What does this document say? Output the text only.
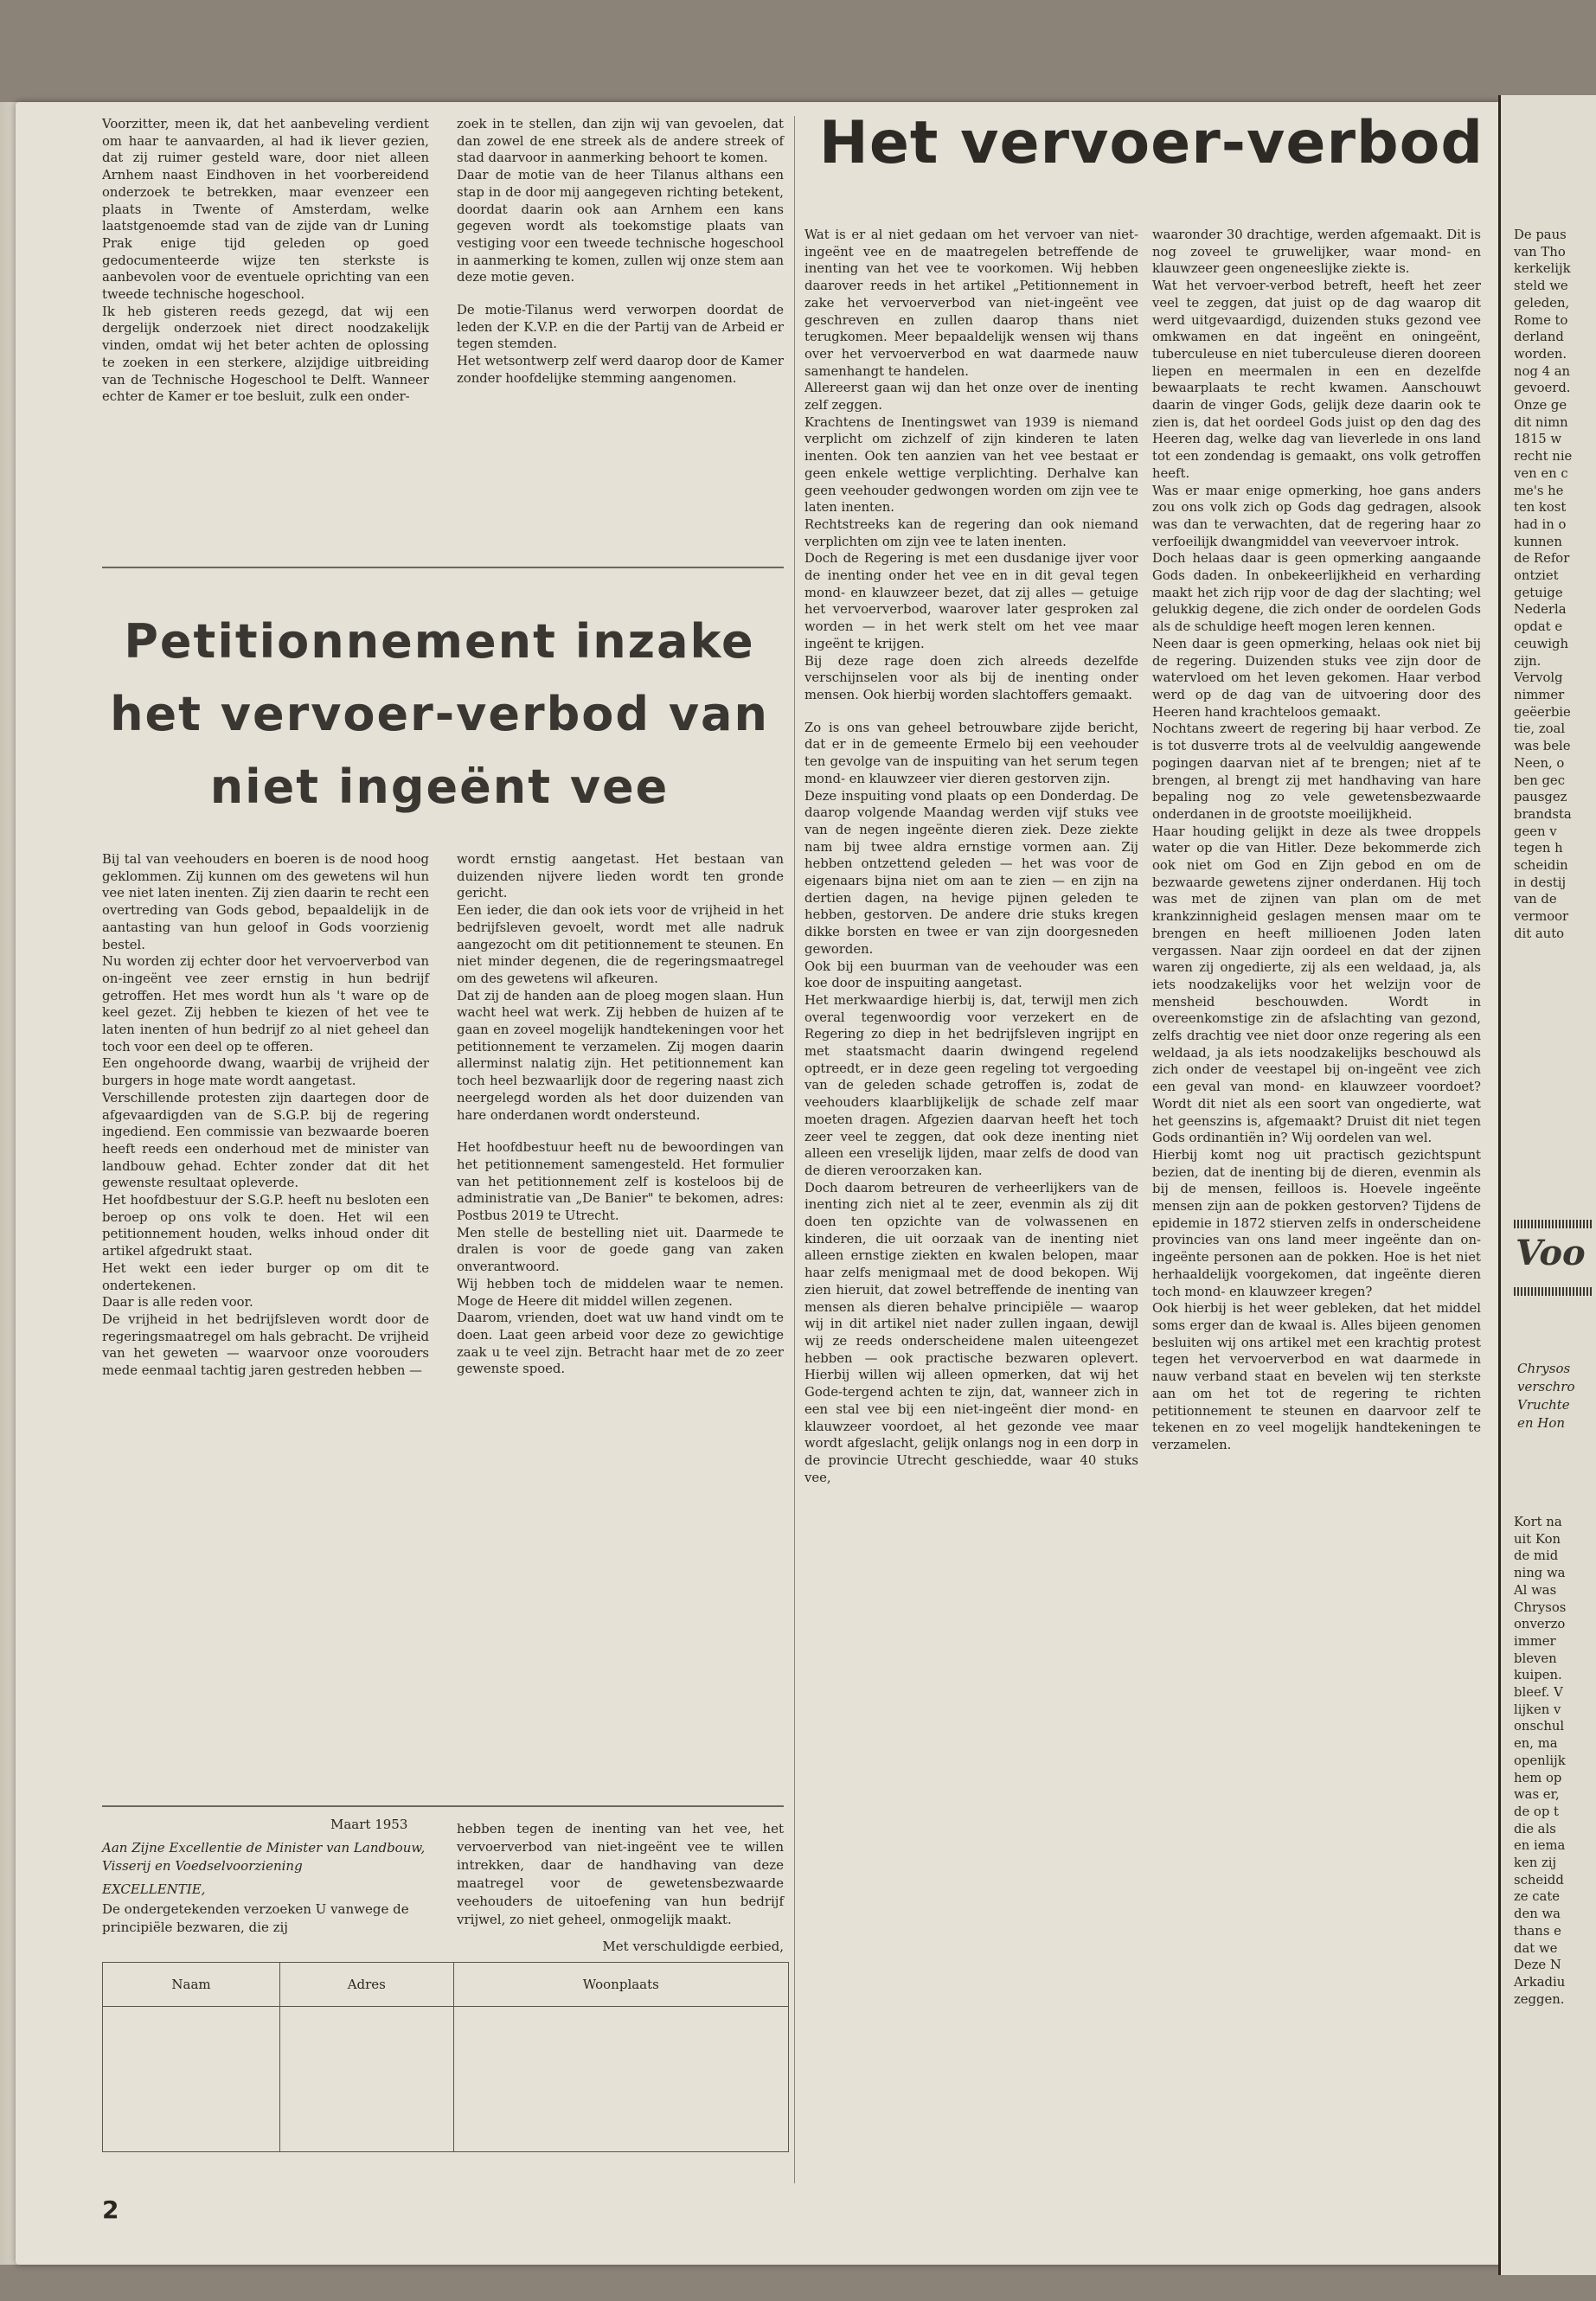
Voorzitter, meen ik, dat het aanbeveling verdient om haar te aanvaarden, al had ik liever gezien, dat zij ruimer gesteld ware, door niet alleen Arnhem naast Eindhoven in het voorbereidend onderzoek te betrekken, maar evenzeer een plaats in Twente of Amsterdam, welke laatstgenoemde stad van de zijde van dr Luning Prak enige tijd geleden op goed gedocumenteerde wijze ten sterkste is aanbevolen voor de eventuele oprichting van een tweede technische hogeschool.

Ik heb gisteren reeds gezegd, dat wij een dergelijk onderzoek niet direct noodzakelijk vinden, omdat wij het beter achten de oplossing te zoeken in een sterkere, alzijdige uitbreiding van de Technische Hogeschool te Delft. Wanneer echter de Kamer er toe besluit, zulk een onder-

zoek in te stellen, dan zijn wij van gevoelen, dat dan zowel de ene streek als de andere streek of stad daarvoor in aanmerking behoort te komen.

Daar de motie van de heer Tilanus althans een stap in de door mij aangegeven richting betekent, doordat daarin ook aan Arnhem een kans gegeven wordt als toekomstige plaats van vestiging voor een tweede technische hogeschool in aanmerking te komen, zullen wij onze stem aan deze motie geven.

De motie-Tilanus werd verworpen doordat de leden der K.V.P. en die der Partij van de Arbeid er tegen stemden.

Het wetsontwerp zelf werd daarop door de Kamer zonder hoofdelijke stemming aangenomen.

Petitionnement inzake
het vervoer-verbod van
niet ingeënt vee

Bij tal van veehouders en boeren is de nood hoog geklommen. Zij kunnen om des gewetens wil hun vee niet laten inenten. Zij zien daarin te recht een overtreding van Gods gebod, bepaaldelijk in de aantasting van hun geloof in Gods voorzienig bestel.

Nu worden zij echter door het vervoerverbod van on-ingeënt vee zeer ernstig in hun bedrijf getroffen. Het mes wordt hun als 't ware op de keel gezet. Zij hebben te kiezen of het vee te laten inenten of hun bedrijf zo al niet geheel dan toch voor een deel op te offeren.

Een ongehoorde dwang, waarbij de vrijheid der burgers in hoge mate wordt aangetast.

Verschillende protesten zijn daartegen door de afgevaardigden van de S.G.P. bij de regering ingediend. Een commissie van bezwaarde boeren heeft reeds een onderhoud met de minister van landbouw gehad. Echter zonder dat dit het gewenste resultaat opleverde.

Het hoofdbestuur der S.G.P. heeft nu besloten een beroep op ons volk te doen. Het wil een petitionnement houden, welks inhoud onder dit artikel afgedrukt staat.

Het wekt een ieder burger op om dit te ondertekenen.

Daar is alle reden voor.

De vrijheid in het bedrijfsleven wordt door de regeringsmaatregel om hals gebracht. De vrijheid van het geweten — waarvoor onze voorouders mede eenmaal tachtig jaren gestreden hebben —

wordt ernstig aangetast. Het bestaan van duizenden nijvere lieden wordt ten gronde gericht.

Een ieder, die dan ook iets voor de vrijheid in het bedrijfsleven gevoelt, wordt met alle nadruk aangezocht om dit petitionnement te steunen. En niet minder degenen, die de regeringsmaatregel om des gewetens wil afkeuren.

Dat zij de handen aan de ploeg mogen slaan. Hun wacht heel wat werk. Zij hebben de huizen af te gaan en zoveel mogelijk handtekeningen voor het petitionnement te verzamelen. Zij mogen daarin allerminst nalatig zijn. Het petitionnement kan toch heel bezwaarlijk door de regering naast zich neergelegd worden als het door duizenden van hare onderdanen wordt ondersteund.

Het hoofdbestuur heeft nu de bewoordingen van het petitionnement samengesteld. Het formulier van het petitionnement zelf is kosteloos bij de administratie van „De Banier" te bekomen, adres: Postbus 2019 te Utrecht.

Men stelle de bestelling niet uit. Daarmede te dralen is voor de goede gang van zaken onverantwoord.

Wij hebben toch de middelen waar te nemen. Moge de Heere dit middel willen zegenen.

Daarom, vrienden, doet wat uw hand vindt om te doen. Laat geen arbeid voor deze zo gewichtige zaak u te veel zijn. Betracht haar met de zo zeer gewenste spoed.

Maart 1953
Aan Zijne Excellentie de Minister van Landbouw, Visserij en Voedselvoorziening
EXCELLENTIE,
De ondergetekenden verzoeken U vanwege de principiële bezwaren, die zij

hebben tegen de inenting van het vee, het vervoerverbod van niet-ingeënt vee te willen intrekken, daar de handhaving van deze maatregel voor de gewetensbezwaarde veehouders de uitoefening van hun bedrijf vrijwel, zo niet geheel, onmogelijk maakt.

Met verschuldigde eerbied,

Naam	Adres	Woonplaats

2
Het vervoer-verbod

Wat is er al niet gedaan om het vervoer van niet-ingeënt vee en de maatregelen betreffende de inenting van het vee te voorkomen. Wij hebben daarover reeds in het artikel „Petitionnement in zake het vervoerverbod van niet-ingeënt vee geschreven en zullen daarop thans niet terugkomen. Meer bepaaldelijk wensen wij thans over het vervoerverbod en wat daarmede nauw samenhangt te handelen.

Allereerst gaan wij dan het onze over de inenting zelf zeggen.

Krachtens de Inentingswet van 1939 is niemand verplicht om zichzelf of zijn kinderen te laten inenten. Ook ten aanzien van het vee bestaat er geen enkele wettige verplichting. Derhalve kan geen veehouder gedwongen worden om zijn vee te laten inenten.

Rechtstreeks kan de regering dan ook niemand verplichten om zijn vee te laten inenten.

Doch de Regering is met een dusdanige ijver voor de inenting onder het vee en in dit geval tegen mond- en klauwzeer bezet, dat zij alles — getuige het vervoerverbod, waarover later gesproken zal worden — in het werk stelt om het vee maar ingeënt te krijgen.

Bij deze rage doen zich alreeds dezelfde verschijnselen voor als bij de inenting onder mensen. Ook hierbij worden slachtoffers gemaakt.

Zo is ons van geheel betrouwbare zijde bericht, dat er in de gemeente Ermelo bij een veehouder ten gevolge van de inspuiting van het serum tegen mond- en klauwzeer vier dieren gestorven zijn.

Deze inspuiting vond plaats op een Donderdag. De daarop volgende Maandag werden vijf stuks vee van de negen ingeënte dieren ziek. Deze ziekte nam bij twee aldra ernstige vormen aan. Zij hebben ontzettend geleden — het was voor de eigenaars bijna niet om aan te zien — en zijn na dertien dagen, na hevige pijnen geleden te hebben, gestorven. De andere drie stuks kregen dikke borsten en twee er van zijn doorgesneden geworden.

Ook bij een buurman van de veehouder was een koe door de inspuiting aangetast.

Het merkwaardige hierbij is, dat, terwijl men zich overal tegenwoordig voor verzekert en de Regering zo diep in het bedrijfsleven ingrijpt en met staatsmacht daarin dwingend regelend optreedt, er in deze geen regeling tot vergoeding van de geleden schade getroffen is, zodat de veehouders klaarblijkelijk de schade zelf maar moeten dragen. Afgezien daarvan heeft het toch zeer veel te zeggen, dat ook deze inenting niet alleen een vreselijk lijden, maar zelfs de dood van de dieren veroorzaken kan.

Doch daarom betreuren de verheerlijkers van de inenting zich niet al te zeer, evenmin als zij dit doen ten opzichte van de volwassenen en kinderen, die uit oorzaak van de inenting niet alleen ernstige ziekten en kwalen belopen, maar haar zelfs menigmaal met de dood bekopen. Wij zien hieruit, dat zowel betreffende de inenting van mensen als dieren behalve principiële — waarop wij in dit artikel niet nader zullen ingaan, dewijl wij ze reeds onderscheidene malen uiteengezet hebben — ook practische bezwaren oplevert. Hierbij willen wij alleen opmerken, dat wij het Gode-tergend achten te zijn, dat, wanneer zich in een stal vee bij een niet-ingeënt dier mond- en klauwzeer voordoet, al het gezonde vee maar wordt afgeslacht, gelijk onlangs nog in een dorp in de provincie Utrecht geschiedde, waar 40 stuks vee,

waaronder 30 drachtige, werden afgemaakt. Dit is nog zoveel te gruwelijker, waar mond- en klauwzeer geen ongeneeslijke ziekte is.

Wat het vervoer-verbod betreft, heeft het zeer veel te zeggen, dat juist op de dag waarop dit werd uitgevaardigd, duizenden stuks gezond vee omkwamen en dat ingeënt en oningeënt, tuberculeuse en niet tuberculeuse dieren dooreen liepen en meermalen in een en dezelfde bewaarplaats te recht kwamen. Aanschouwt daarin de vinger Gods, gelijk deze daarin ook te zien is, dat het oordeel Gods juist op den dag des Heeren dag, welke dag van lieverlede in ons land tot een zondendag is gemaakt, ons volk getroffen heeft.

Was er maar enige opmerking, hoe gans anders zou ons volk zich op Gods dag gedragen, alsook was dan te verwachten, dat de regering haar zo verfoeilijk dwangmiddel van veevervoer introk.

Doch helaas daar is geen opmerking aangaande Gods daden. In onbekeerlijkheid en verharding maakt het zich rijp voor de dag der slachting; wel gelukkig degene, die zich onder de oordelen Gods als de schuldige heeft mogen leren kennen.

Neen daar is geen opmerking, helaas ook niet bij de regering. Duizenden stuks vee zijn door de watervloed om het leven gekomen. Haar verbod werd op de dag van de uitvoering door des Heeren hand krachteloos gemaakt.

Nochtans zweert de regering bij haar verbod. Ze is tot dusverre trots al de veelvuldig aangewende pogingen daarvan niet af te brengen; niet af te brengen, al brengt zij met handhaving van hare bepaling nog zo vele gewetensbezwaarde onderdanen in de grootste moeilijkheid.

Haar houding gelijkt in deze als twee droppels water op die van Hitler. Deze bekommerde zich ook niet om God en Zijn gebod en om de bezwaarde gewetens zijner onderdanen. Hij toch was met de zijnen van plan om de met krankzinnigheid geslagen mensen maar om te brengen en heeft millioenen Joden laten vergassen. Naar zijn oordeel en dat der zijnen waren zij ongedierte, zij als een weldaad, ja, als iets noodzakelijks voor het welzijn voor de mensheid beschouwden. Wordt in overeenkomstige zin de afslachting van gezond, zelfs drachtig vee niet door onze regering als een weldaad, ja als iets noodzakelijks beschouwd als zich onder de veestapel bij on-ingeënt vee zich een geval van mond- en klauwzeer voordoet? Wordt dit niet als een soort van ongedierte, wat het geenszins is, afgemaakt? Druist dit niet tegen Gods ordinantiën in? Wij oordelen van wel.

Hierbij komt nog uit practisch gezichtspunt bezien, dat de inenting bij de dieren, evenmin als bij de mensen, feilloos is. Hoevele ingeënte mensen zijn aan de pokken gestorven? Tijdens de epidemie in 1872 stierven zelfs in onderscheidene provincies van ons land meer ingeënte dan on-ingeënte personen aan de pokken. Hoe is het niet herhaaldelijk voorgekomen, dat ingeënte dieren toch mond- en klauwzeer kregen?

Ook hierbij is het weer gebleken, dat het middel soms erger dan de kwaal is. Alles bijeen genomen besluiten wij ons artikel met een krachtig protest tegen het vervoerverbod en wat daarmede in nauw verband staat en bevelen wij ten sterkste aan om het tot de regering te richten petitionnement te steunen en daarvoor zelf te tekenen en zo veel mogelijk handtekeningen te verzamelen.

De paus
van Tho
kerkelijk
steld we
geleden,
Rome to
derland
worden.
nog 4 an
gevoerd.
Onze ge
dit nimn
1815 w
recht nie
ven en c
me's he
ten kost
had in o
kunnen
de Refor
ontziet
getuige
Nederla
opdat e
ceuwigh
zijn.
Vervolg
nimmer
geëerbie
tie, zoal
was bele
Neen, o
ben gec
pausgez
brandsta
geen v
tegen h
scheidin
in destij
van de
vermoor
dit auto
Voo
Chrysos
verschro
Vruchte
en Hon
Kort na
uit Kon
de mid
ning wa
Al was
Chrysos
onverzo
immer
bleven
kuipen.
bleef. V
lijken v
onschul
en, ma
openlijk
hem op
was er,
de op t
die als
en iema
ken zij
scheidd
ze cate
den wa
thans e
dat we
Deze N
Arkadiu
zeggen.
